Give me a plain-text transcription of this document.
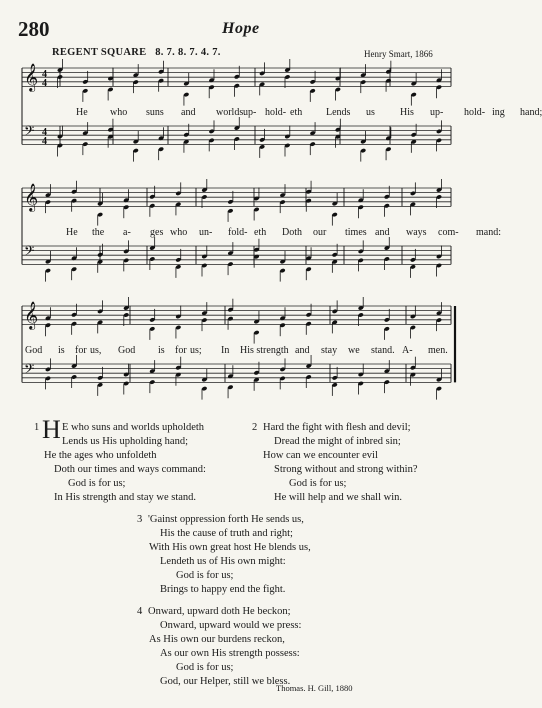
280	Hope
REGENT SQUARE 8. 7. 8. 7. 4. 7.	Henry Smart, 1866
𝄞 4
4
𝄢 4
4
𝄞
𝄢
𝄞
𝄢
He who suns and worlds up- hold- eth Lends us	His up- hold- ing hand;
He the a- ges who un- fold- eth Doth our times and ways com- mand:
God is for us, God is for us; In His strength and stay we stand. A- men.
1 H E who suns and worlds upholdeth
Lends us His upholding hand;
He the ages who unfoldeth
Doth our times and ways command:
God is for us;
In His strength and stay we stand.
2 Hard the fight with flesh and devil;
Dread the might of inbred sin;
How can we encounter evil
Strong without and strong within?
God is for us;
He will help and we shall win.
3 'Gainst oppression forth He sends us,
His the cause of truth and right;
With His own great host He blends us,
Lendeth us of His own might:
God is for us;
Brings to happy end the fight.
4 Onward, upward doth He beckon;
Onward, upward would we press:
As His own our burdens reckon,
As our own His strength possess:
God is for us;
God, our Helper, still we bless.
Thomas. H. Gill, 1880
